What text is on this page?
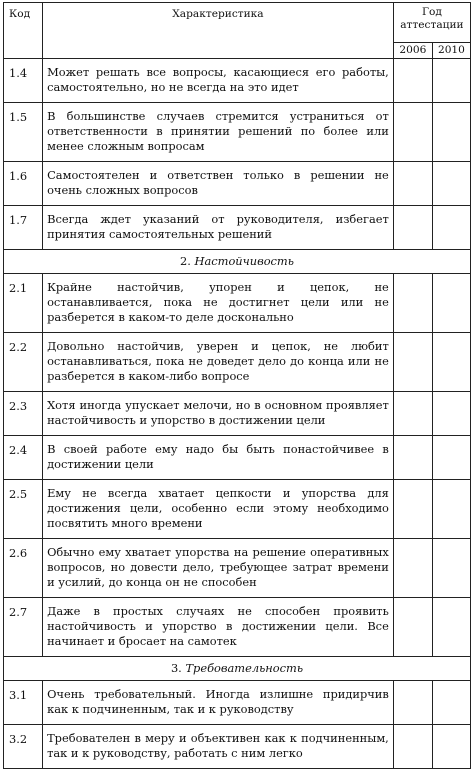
Код	Характеристика	Год аттестации	
		2006	2010
1.4	Может решать все вопросы, касающиеся его работы, самостоятельно, но не всегда на это идет		
1.5	В большинстве случаев стремится устраниться от ответственности в принятии решений по более или менее сложным вопросам		
1.6	Самостоятелен и ответствен только в решении не очень сложных вопросов		
1.7	Всегда ждет указаний от руководителя, избегает принятия самостоятельных решений		
2. Настойчивость			
2.1	Крайне настойчив, упорен и цепок, не останавливается, пока не достигнет цели или не разберется в каком-то деле досконально		
2.2	Довольно настойчив, уверен и цепок, не любит останавливаться, пока не доведет дело до конца или не разберется в каком-либо вопросе		
2.3	Хотя иногда упускает мелочи, но в основном проявляет настойчивость и упорство в достижении цели		
2.4	В своей работе ему надо бы быть понастойчивее в достижении цели		
2.5	Ему не всегда хватает цепкости и упорства для достижения цели, особенно если этому необходимо посвятить много времени		
2.6	Обычно ему хватает упорства на решение оперативных вопросов, но довести дело, требующее затрат времени и усилий, до конца он не способен		
2.7	Даже в простых случаях не способен проявить настойчивость и упорство в достижении цели. Все начинает и бросает на самотек		
3. Требовательность			
3.1	Очень требовательный. Иногда излишне придирчив как к подчиненным, так и к руководству		
3.2	Требователен в меру и объективен как к подчиненным, так и к руководству, работать с ним легко		
